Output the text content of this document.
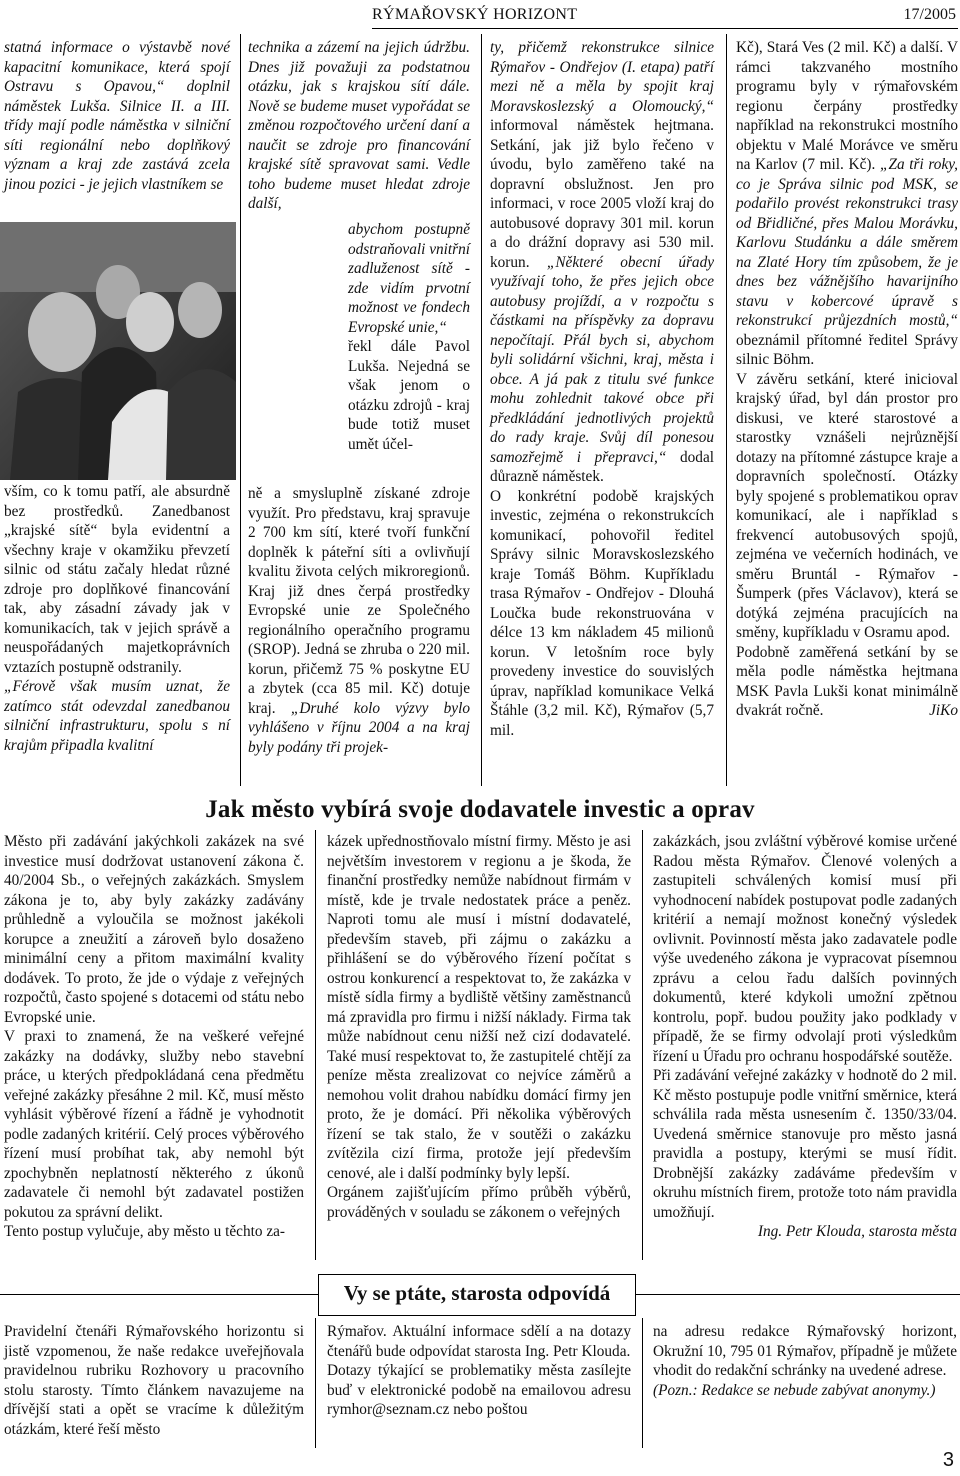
RÝMAŘOVSKÝ HORIZONT	17/2005

statná informace o výstavbě nové kapacitní komunikace, která spojí Ostravu s Opavou,“ doplnil náměstek Lukša. Silnice II. a III. třídy mají podle náměstka v silniční síti regionální nebo doplňkový význam a kraj zde zastává zcela jinou pozici - je jejich vlastníkem se

vším, co k tomu patří, ale absurdně bez prostředků. Zanedbanost „krajské sítě“ byla evidentní a všechny kraje v okamžiku převzetí silnic od státu začaly hledat různé zdroje pro doplňkové financování tak, aby zásadní závady jak v komunikacích, tak v jejich správě a neuspořádaných majetkoprávních vztazích postupně odstranily.

„Férově však musím uznat, že zatímco stát odevzdal zanedbanou silniční infrastrukturu, spolu s ní krajům připadla kvalitní

technika a zázemí na jejich údržbu. Dnes již považuji za podstatnou otázku, jak s krajskou sítí dále. Nově se budeme muset vypořádat se změnou rozpočtového určení daní a naučit se zdroje pro financování krajské sítě spravovat sami. Vedle toho budeme muset hledat zdroje další,

abychom postupně odstraňovali vnitřní zadluženost sítě - zde vidím prvotní možnost ve fondech Evropské unie,“

řekl dále Pavol Lukša. Nejedná se však jenom o otázku zdrojů - kraj bude totiž muset umět účel-

ně a smysluplně získané zdroje využít. Pro představu, kraj spravuje 2 700 km sítí, které tvoří funkční doplněk k páteřní síti a ovlivňují kvalitu života celých mikroregionů. Kraj již dnes čerpá prostředky Evropské unie ze Společného regionálního operačního programu (SROP). Jedná se zhruba o 220 mil. korun, přičemž 75 % poskytne EU a zbytek (cca 85 mil. Kč) dotuje kraj. „Druhé kolo výzvy bylo vyhlášeno v říjnu 2004 a na kraj byly podány tři projek-

ty, přičemž rekonstrukce silnice Rýmařov - Ondřejov (I. etapa) patří mezi ně a měla by spojit kraj Moravskoslezský a Olomoucký,“ informoval náměstek hejtmana. Setkání, jak již bylo řečeno v úvodu, bylo zaměřeno také na dopravní obslužnost. Jen pro informaci, v roce 2005 vloží kraj do autobusové dopravy 301 mil. korun a do drážní dopravy asi 530 mil. korun. „Některé obecní úřady využívají toho, že přes jejich obce autobusy projíždí, a v rozpočtu s částkami na příspěvky za dopravu nepočítají. Přál bych si, abychom byli solidární všichni, kraj, města i obce. A já pak z titulu své funkce mohu zohlednit takové obce při předkládání jednotlivých projektů do rady kraje. Svůj díl ponesou samozřejmě i přepravci,“ dodal důrazně náměstek.

O konkrétní podobě krajských investic, zejména o rekonstrukcích komunikací, pohovořil ředitel Správy silnic Moravskoslezského kraje Tomáš Böhm. Kupříkladu trasa Rýmařov - Ondřejov - Dlouhá Loučka bude rekonstruována v délce 13 km nákladem 45 milionů korun. V letošním roce byly provedeny investice do souvislých úprav, například komunikace Velká Štáhle (3,2 mil. Kč), Rýmařov (5,7 mil.

Kč), Stará Ves (2 mil. Kč) a další. V rámci takzvaného mostního programu byly v rýmařovském regionu čerpány prostředky například na rekonstrukci mostního objektu v Malé Morávce ve směru na Karlov (7 mil. Kč). „Za tři roky, co je Správa silnic pod MSK, se podařilo provést rekonstrukci trasy od Břidličné, přes Malou Morávku, Karlovu Studánku a dále směrem na Zlaté Hory tím způsobem, že je dnes bez vážnějšího havarijního stavu v kobercové úpravě s rekonstrukcí průjezdních mostů,“ obeznámil přítomné ředitel Správy silnic Böhm.

V závěru setkání, které inicioval krajský úřad, byl dán prostor pro diskusi, ve které starostové a starostky vznášeli nejrůznější dotazy na přítomné zástupce kraje a dopravních společností. Otázky byly spojené s problematikou oprav komunikací, ale i například s frekvencí autobusových spojů, zejména ve večerních hodinách, ve směru Bruntál - Rýmařov - Šumperk (přes Václavov), která se dotýká zejména pracujících na směny, kupříkladu v Osramu apod.

Podobně zaměřená setkání by se měla podle náměstka hejtmana MSK Pavla Lukši konat minimálně dvakrát ročně.	JiKo

Jak město vybírá svoje dodavatele investic a oprav

Město při zadávání jakýchkoli zakázek na své investice musí dodržovat ustanovení zákona č. 40/2004 Sb., o veřejných zakázkách. Smyslem zákona je to, aby byly zakázky zadávány průhledně a vyloučila se možnost jakékoli korupce a zneužití a zároveň bylo dosaženo minimální ceny a přitom maximální kvality dodávek. To proto, že jde o výdaje z veřejných rozpočtů, často spojené s dotacemi od státu nebo Evropské unie.

V praxi to znamená, že na veškeré veřejné zakázky na dodávky, služby nebo stavební práce, u kterých předpokládaná cena předmětu veřejné zakázky přesáhne 2 mil. Kč, musí město vyhlásit výběrové řízení a řádně je vyhodnotit podle zadaných kritérií. Celý proces výběrového řízení musí probíhat tak, aby nemohl být zpochybněn neplatností některého z úkonů zadavatele či nemohl být zadavatel postižen pokutou za správní delikt.

Tento postup vylučuje, aby město u těchto za-

kázek upřednostňovalo místní firmy. Město je asi největším investorem v regionu a je škoda, že finanční prostředky nemůže nabídnout firmám v místě, kde je trvale nedostatek práce a peněz. Naproti tomu ale musí i místní dodavatelé, především staveb, při zájmu o zakázku a přihlášení se do výběrového řízení počítat s ostrou konkurencí a respektovat to, že zakázka v místě sídla firmy a bydliště většiny zaměstnanců má zpravidla pro firmu i nižší náklady. Firma tak může nabídnout cenu nižší než cizí dodavatelé. Také musí respektovat to, že zastupitelé chtějí za peníze města zrealizovat co nejvíce záměrů a nemohou volit drahou nabídku domácí firmy jen proto, že je domácí. Při několika výběrových řízení se tak stalo, že v soutěži o zakázku zvítězila cizí firma, protože její především cenové, ale i další podmínky byly lepší.

Orgánem zajišťujícím přímo průběh výběrů, prováděných v souladu se zákonem o veřejných

zakázkách, jsou zvláštní výběrové komise určené Radou města Rýmařov. Členové volených a zastupiteli schválených komisí musí při vyhodnocení nabídek postupovat podle zadaných kritérií a nemají možnost konečný výsledek ovlivnit. Povinností města jako zadavatele podle výše uvedeného zákona je vypracovat písemnou zprávu a celou řadu dalších povinných dokumentů, které kdykoli umožní zpětnou kontrolu, popř. budou použity jako podklady v případě, že se firmy odvolají proti výsledkům řízení u Úřadu pro ochranu hospodářské soutěže.

Při zadávání veřejné zakázky v hodnotě do 2 mil. Kč město postupuje podle vnitřní směrnice, která schválila rada města usnesením č. 1350/33/04. Uvedená směrnice stanovuje pro město jasná pravidla a postupy, kterými se musí řídit. Drobnější zakázky zadáváme především v okruhu místních firem, protože toto nám pravidla umožňují.

Ing. Petr Klouda, starosta města
Vy se ptáte, starosta odpovídá

Pravidelní čtenáři Rýmařovského horizontu si jistě vzpomenou, že naše redakce uveřejňovala pravidelnou rubriku Rozhovory u pracovního stolu starosty. Tímto článkem navazujeme na dřívější stati a opět se vracíme k důležitým otázkám, které řeší město

Rýmařov. Aktuální informace sdělí a na dotazy čtenářů bude odpovídat starosta Ing. Petr Klouda.

Dotazy týkající se problematiky města zasílejte buď v elektronické podobě na emailovou adresu rymhor@seznam.cz nebo poštou

na adresu redakce Rýmařovský horizont, Okružní 10, 795 01 Rýmařov, případně je můžete vhodit do redakční schránky na uvedené adrese.

(Pozn.: Redakce se nebude zabývat anonymy.)

3
